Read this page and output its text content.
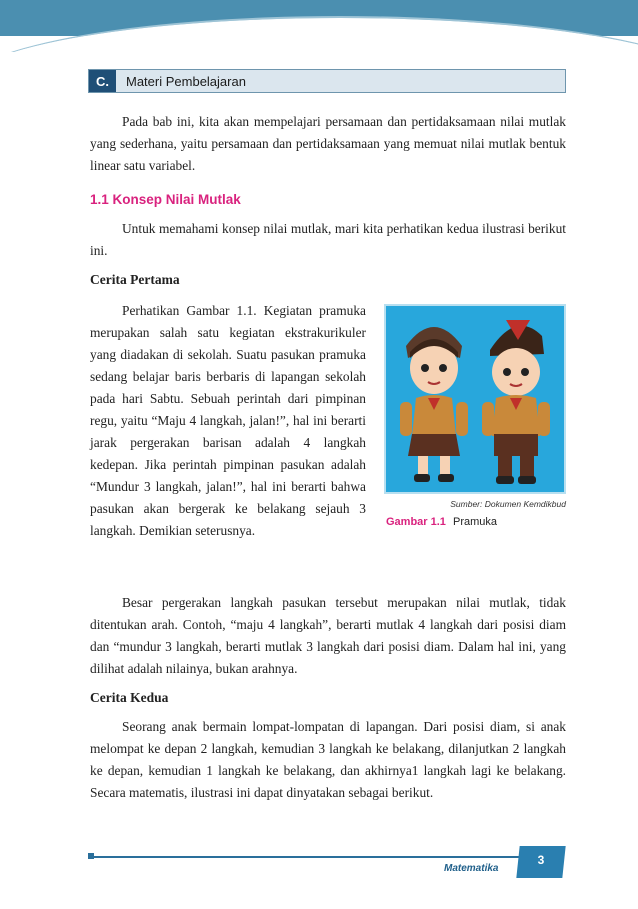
C.	Materi Pembelajaran

Pada bab ini, kita akan mempelajari persamaan dan pertidaksamaan nilai mutlak yang sederhana, yaitu persamaan dan pertidaksamaan yang memuat nilai mutlak bentuk linear satu variabel.

1.1 Konsep Nilai Mutlak

Untuk memahami konsep nilai mutlak, mari kita perhatikan kedua ilustrasi berikut ini.

Cerita Pertama

Perhatikan Gambar 1.1. Kegiatan pramuka merupakan salah satu kegiatan ekstrakurikuler yang diadakan di sekolah. Suatu pasukan pramuka sedang belajar baris berbaris di lapangan sekolah pada hari Sabtu. Sebuah perintah dari pimpinan regu, yaitu “Maju 4 langkah, jalan!”, hal ini berarti jarak pergerakan barisan adalah 4 langkah kedepan. Jika perintah pimpinan pasukan adalah “Mundur 3 langkah, jalan!”, hal ini berarti bahwa pasukan akan bergerak ke belakang sejauh 3 langkah. Demikian seterusnya.

Sumber: Dokumen Kemdikbud
Gambar 1.1 Pramuka

Besar pergerakan langkah pasukan tersebut merupakan nilai mutlak, tidak ditentukan arah. Contoh, “maju 4 langkah”, berarti mutlak 4 langkah dari posisi diam dan “mundur 3 langkah, berarti mutlak 3 langkah dari posisi diam. Dalam hal ini, yang dilihat adalah nilainya, bukan arahnya.

Cerita Kedua

Seorang anak bermain lompat-lompatan di lapangan. Dari posisi diam, si anak melompat ke depan 2 langkah, kemudian 3 langkah ke belakang, dilanjutkan 2 langkah ke depan, kemudian 1 langkah ke belakang, dan akhirnya1 langkah lagi ke belakang. Secara matematis, ilustrasi ini dapat dinyatakan sebagai berikut.

Matematika
3
